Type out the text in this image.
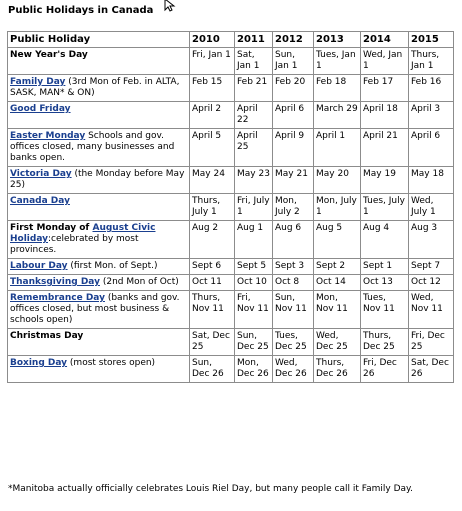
Public Holidays in Canada
Public Holiday	2010	2011	2012	2013	2014	2015
New Year's Day	Fri, Jan 1	Sat, Jan 1	Sun, Jan 1	Tues, Jan 1	Wed, Jan 1	Thurs, Jan 1
Family Day (3rd Mon of Feb. in ALTA, SASK, MAN* & ON)	Feb 15	Feb 21	Feb 20	Feb 18	Feb 17	Feb 16
Good Friday	April 2	April 22	April 6	March 29	April 18	April 3
Easter Monday Schools and gov. offices closed, many businesses and banks open.	April 5	April 25	April 9	April 1	April 21	April 6
Victoria Day (the Monday before May 25)	May 24	May 23	May 21	May 20	May 19	May 18
Canada Day	Thurs, July 1	Fri, July 1	Mon, July 2	Mon, July 1	Tues, July 1	Wed, July 1
First Monday of August Civic Holiday:celebrated by most provinces.	Aug 2	Aug 1	Aug 6	Aug 5	Aug 4	Aug 3
Labour Day (first Mon. of Sept.)	Sept 6	Sept 5	Sept 3	Sept 2	Sept 1	Sept 7
Thanksgiving Day (2nd Mon of Oct)	Oct 11	Oct 10	Oct 8	Oct 14	Oct 13	Oct 12
Remembrance Day (banks and gov. offices closed, but most business & schools open)	Thurs, Nov 11	Fri, Nov 11	Sun, Nov 11	Mon, Nov 11	Tues, Nov 11	Wed, Nov 11
Christmas Day	Sat, Dec 25	Sun, Dec 25	Tues, Dec 25	Wed, Dec 25	Thurs, Dec 25	Fri, Dec 25
Boxing Day (most stores open)	Sun, Dec 26	Mon, Dec 26	Wed, Dec 26	Thurs, Dec 26	Fri, Dec 26	Sat, Dec 26
*Manitoba actually officially celebrates Louis Riel Day, but many people call it Family Day.
